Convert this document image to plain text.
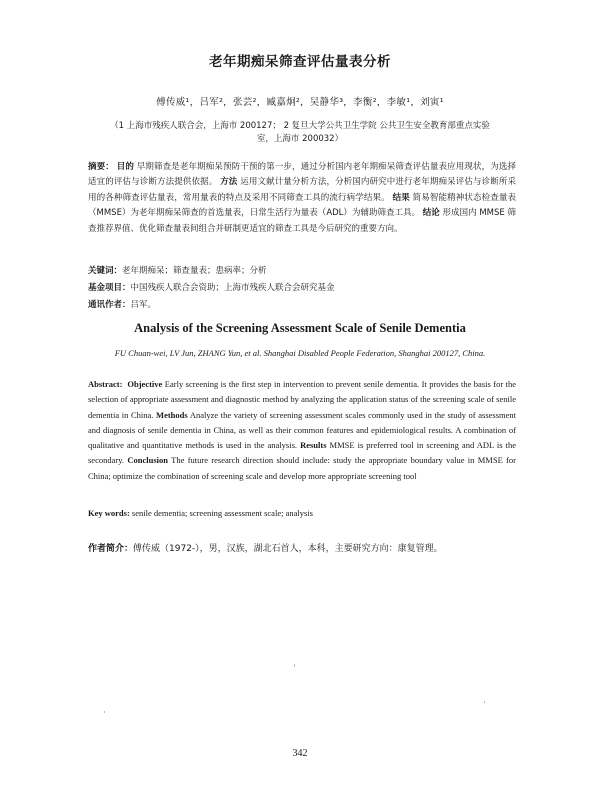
老年期痴呆筛查评估量表分析
傅传威¹，吕军²，张芸²，臧嘉炯²，吴静华³，李衡²，李敏¹，刘寅¹
（1 上海市残疾人联合会，上海市 200127； 2 复旦大学公共卫生学院 公共卫生安全教育部重点实验室，上海市 200032）
摘要： 目的 早期筛查是老年期痴呆预防干预的第一步，通过分析国内老年期痴呆筛查评估量表应用现状，为选择适宜的评估与诊断方法提供依据。 方法 运用文献计量分析方法，分析国内研究中进行老年期痴呆评估与诊断所采用的各种筛查评估量表，常用量表的特点及采用不同筛查工具的流行病学结果。 结果 简易智能精神状态检查量表（MMSE）为老年期痴呆筛查的首选量表，日常生活行为量表（ADL）为辅助筛查工具。 结论 形成国内 MMSE 筛查推荐界值、优化筛查量表间组合并研制更适宜的筛查工具是今后研究的重要方向。
关键词：老年期痴呆；筛查量表；患病率；分析
基金项目：中国残疾人联合会资助；上海市残疾人联合会研究基金
通讯作者：吕军。
Analysis of the Screening Assessment Scale of Senile Dementia
FU Chuan-wei, LV Jun, ZHANG Yun, et al. Shanghai Disabled People Federation, Shanghai 200127, China.
Abstract: Objective Early screening is the first step in intervention to prevent senile dementia. It provides the basis for the selection of appropriate assessment and diagnostic method by analyzing the application status of the screening scale of senile dementia in China. Methods Analyze the variety of screening assessment scales commonly used in the study of assessment and diagnosis of senile dementia in China, as well as their common features and epidemiological results. A combination of qualitative and quantitative methods is used in the analysis. Results MMSE is preferred tool in screening and ADL is the secondary. Conclusion The future research direction should include: study the appropriate boundary value in MMSE for China; optimize the combination of screening scale and develop more appropriate screening tool
Key words: senile dementia; screening assessment scale; analysis
作者简介：傅传威（1972-），男，汉族，湖北石首人，本科，主要研究方向：康复管理。
342
